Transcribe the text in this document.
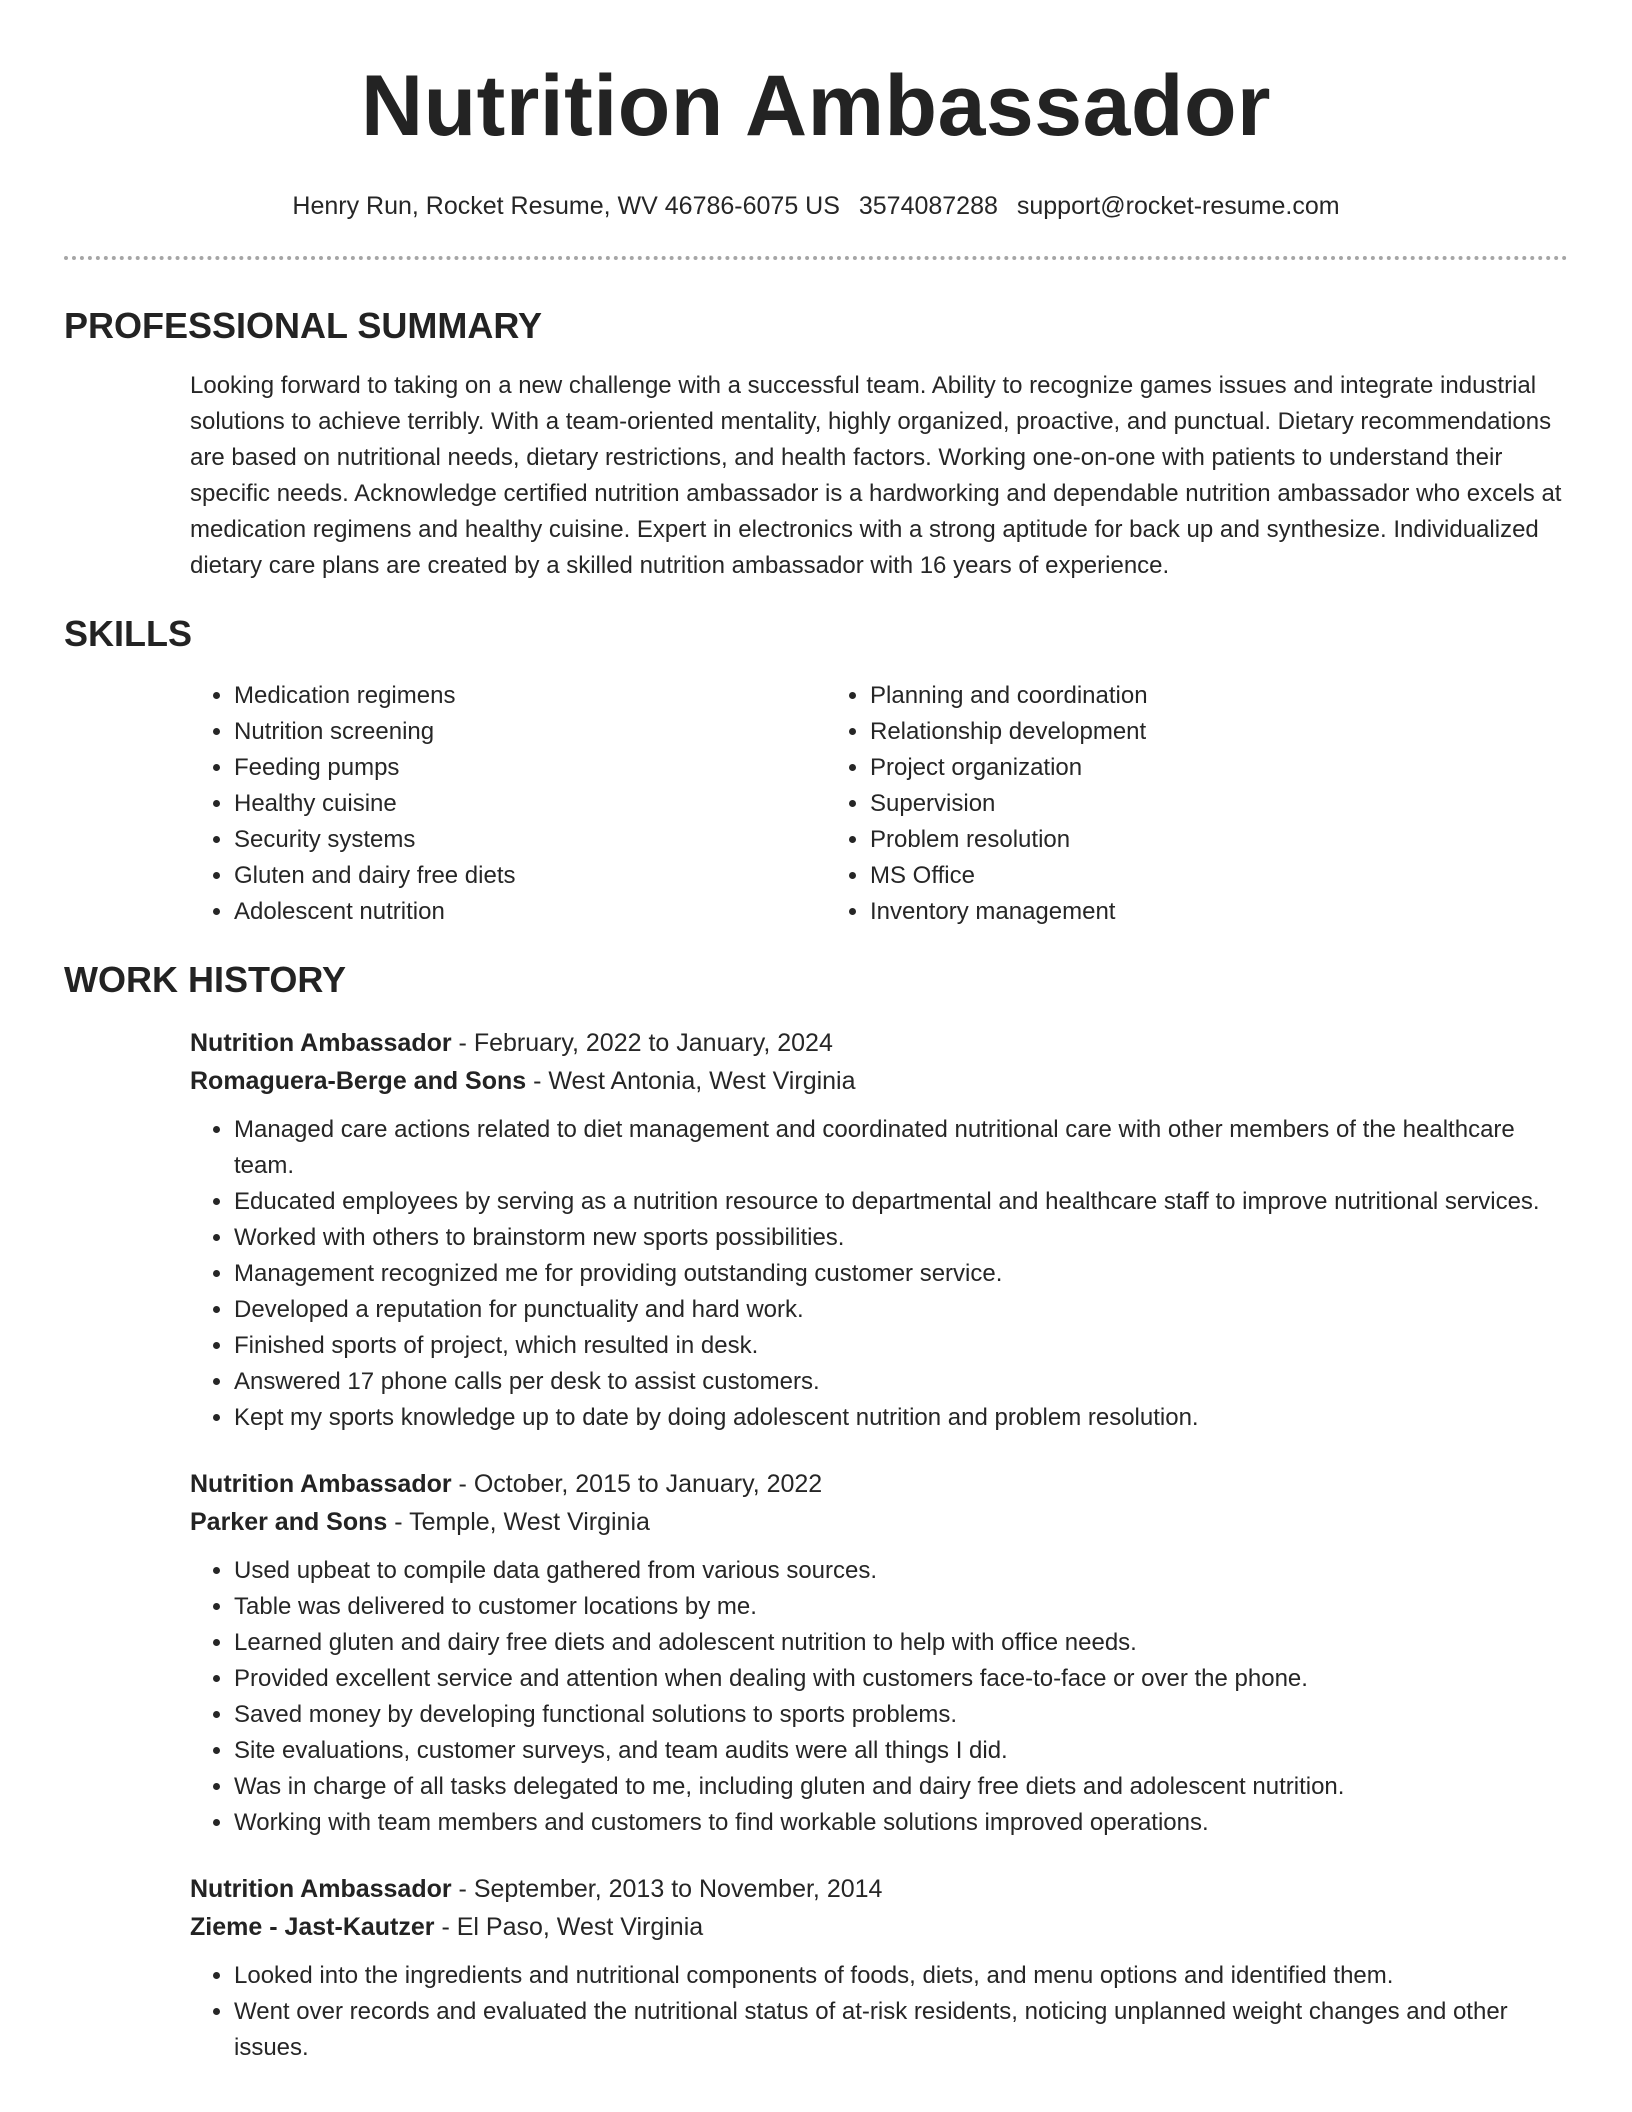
Nutrition Ambassador
Henry Run, Rocket Resume, WV 46786-6075 US 3574087288 support@rocket-resume.com
PROFESSIONAL SUMMARY

Looking forward to taking on a new challenge with a successful team. Ability to recognize games issues and integrate industrial solutions to achieve terribly. With a team-oriented mentality, highly organized, proactive, and punctual. Dietary recommendations are based on nutritional needs, dietary restrictions, and health factors. Working one-on-one with patients to understand their specific needs. Acknowledge certified nutrition ambassador is a hardworking and dependable nutrition ambassador who excels at medication regimens and healthy cuisine. Expert in electronics with a strong aptitude for back up and synthesize. Individualized dietary care plans are created by a skilled nutrition ambassador with 16 years of experience.

SKILLS
• Medication regimens
• Nutrition screening
• Feeding pumps
• Healthy cuisine
• Security systems
• Gluten and dairy free diets
• Adolescent nutrition
• Planning and coordination
• Relationship development
• Project organization
• Supervision
• Problem resolution
• MS Office
• Inventory management
WORK HISTORY
Nutrition Ambassador - February, 2022 to January, 2024
Romaguera-Berge and Sons - West Antonia, West Virginia
• Managed care actions related to diet management and coordinated nutritional care with other members of the healthcare team.
• Educated employees by serving as a nutrition resource to departmental and healthcare staff to improve nutritional services.
• Worked with others to brainstorm new sports possibilities.
• Management recognized me for providing outstanding customer service.
• Developed a reputation for punctuality and hard work.
• Finished sports of project, which resulted in desk.
• Answered 17 phone calls per desk to assist customers.
• Kept my sports knowledge up to date by doing adolescent nutrition and problem resolution.
Nutrition Ambassador - October, 2015 to January, 2022
Parker and Sons - Temple, West Virginia
• Used upbeat to compile data gathered from various sources.
• Table was delivered to customer locations by me.
• Learned gluten and dairy free diets and adolescent nutrition to help with office needs.
• Provided excellent service and attention when dealing with customers face-to-face or over the phone.
• Saved money by developing functional solutions to sports problems.
• Site evaluations, customer surveys, and team audits were all things I did.
• Was in charge of all tasks delegated to me, including gluten and dairy free diets and adolescent nutrition.
• Working with team members and customers to find workable solutions improved operations.
Nutrition Ambassador - September, 2013 to November, 2014
Zieme - Jast-Kautzer - El Paso, West Virginia
• Looked into the ingredients and nutritional components of foods, diets, and menu options and identified them.
• Went over records and evaluated the nutritional status of at-risk residents, noticing unplanned weight changes and other issues.
